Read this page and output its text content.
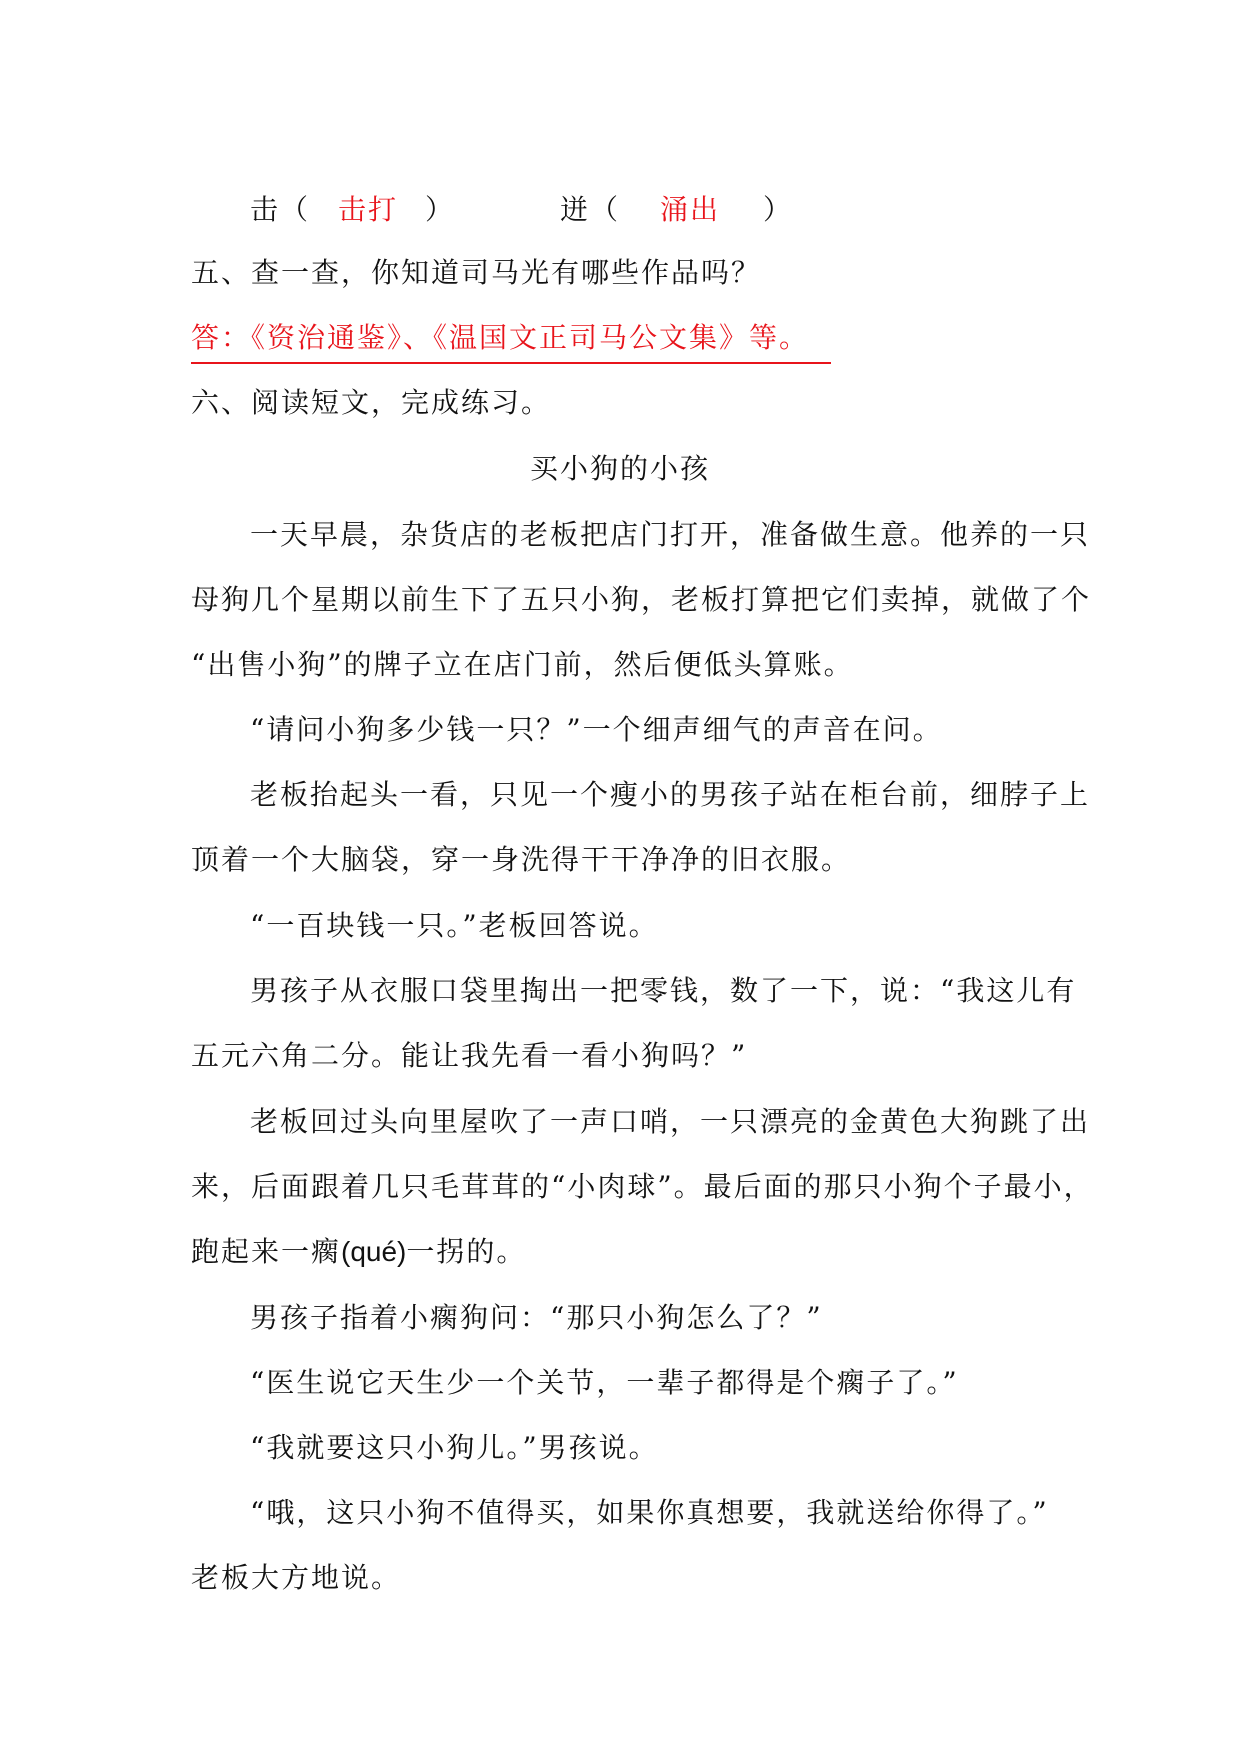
击（ 击打 ）	迸（ 涌出 ）
五、查一查，你知道司马光有哪些作品吗？
答：《资治通鉴》、《温国文正司马公文集》等。
六、阅读短文，完成练习。
买小狗的小孩
一天早晨，杂货店的老板把店门打开，准备做生意。他养的一只
母狗几个星期以前生下了五只小狗，老板打算把它们卖掉，就做了个
“出售小狗”的牌子立在店门前，然后便低头算账。
“请问小狗多少钱一只？”一个细声细气的声音在问。
老板抬起头一看，只见一个瘦小的男孩子站在柜台前，细脖子上
顶着一个大脑袋，穿一身洗得干干净净的旧衣服。
“一百块钱一只。”老板回答说。
男孩子从衣服口袋里掏出一把零钱，数了一下，说：“我这儿有
五元六角二分。能让我先看一看小狗吗？”
老板回过头向里屋吹了一声口哨，一只漂亮的金黄色大狗跳了出
来，后面跟着几只毛茸茸的“小肉球”。最后面的那只小狗个子最小，
跑起来一瘸(qué)一拐的。
男孩子指着小瘸狗问：“那只小狗怎么了？”
“医生说它天生少一个关节，一辈子都得是个瘸子了。”
“我就要这只小狗儿。”男孩说。
“哦，这只小狗不值得买，如果你真想要，我就送给你得了。”
老板大方地说。
